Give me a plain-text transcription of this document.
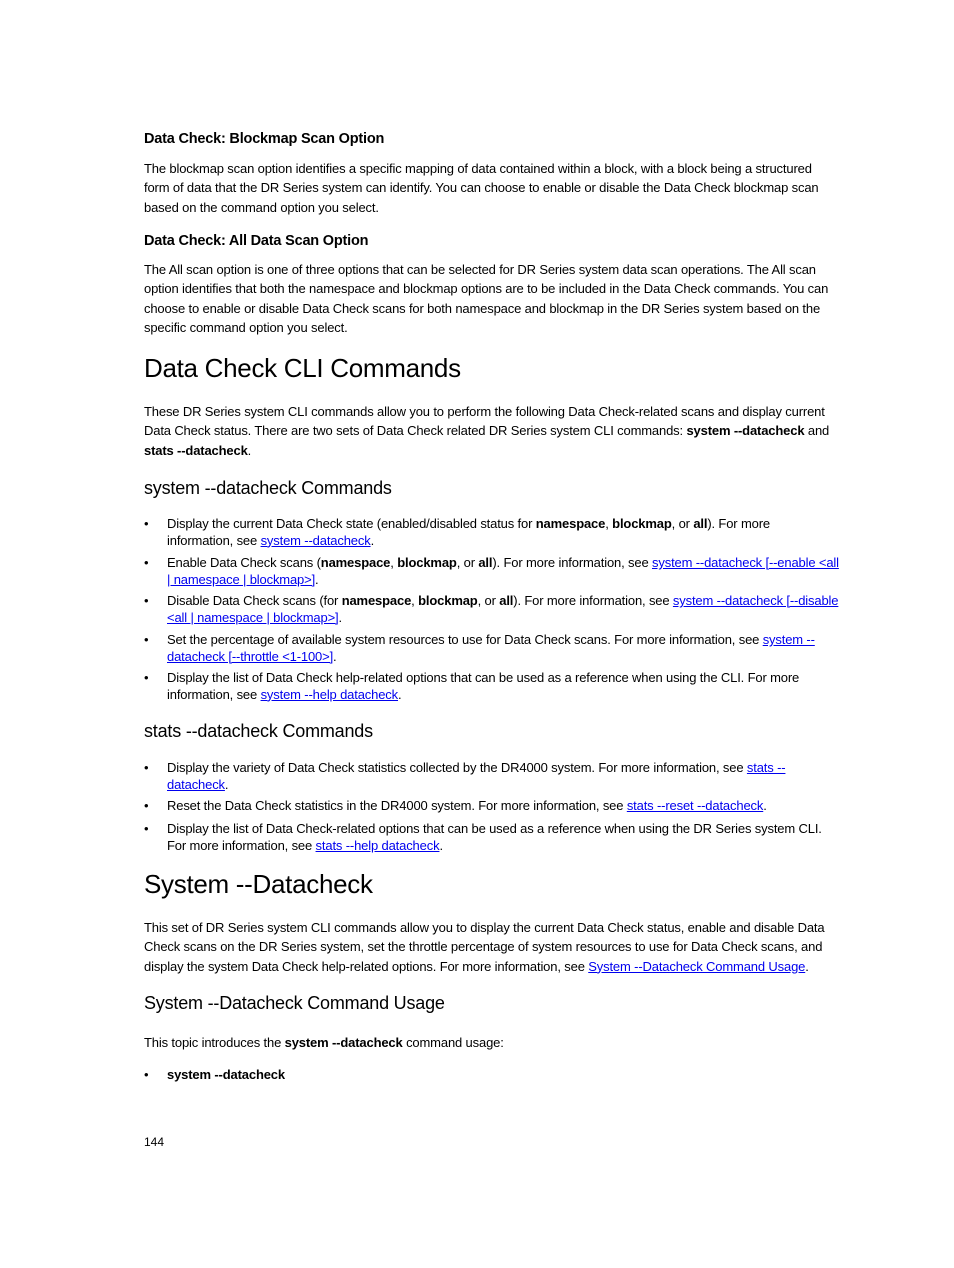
Data Check: Blockmap Scan Option
The blockmap scan option identifies a specific mapping of data contained within a block, with a block being a structured form of data that the DR Series system can identify. You can choose to enable or disable the Data Check blockmap scan based on the command option you select.
Data Check: All Data Scan Option
The All scan option is one of three options that can be selected for DR Series system data scan operations. The All scan option identifies that both the namespace and blockmap options are to be included in the Data Check commands. You can choose to enable or disable Data Check scans for both namespace and blockmap in the DR Series system based on the specific command option you select.
Data Check CLI Commands
These DR Series system CLI commands allow you to perform the following Data Check-related scans and display current Data Check status. There are two sets of Data Check related DR Series system CLI commands: system --datacheck and stats --datacheck.
system --datacheck Commands
• Display the current Data Check state (enabled/disabled status for namespace, blockmap, or all). For more information, see system --datacheck.
• Enable Data Check scans (namespace, blockmap, or all). For more information, see system --datacheck [--enable <all | namespace | blockmap>].
• Disable Data Check scans (for namespace, blockmap, or all). For more information, see system --datacheck [--disable <all | namespace | blockmap>].
• Set the percentage of available system resources to use for Data Check scans. For more information, see system --datacheck [--throttle <1-100>].
• Display the list of Data Check help-related options that can be used as a reference when using the CLI. For more information, see system --help datacheck.
stats --datacheck Commands
• Display the variety of Data Check statistics collected by the DR4000 system. For more information, see stats --datacheck.
• Reset the Data Check statistics in the DR4000 system. For more information, see stats --reset --datacheck.
• Display the list of Data Check-related options that can be used as a reference when using the DR Series system CLI. For more information, see stats --help datacheck.
System --Datacheck
This set of DR Series system CLI commands allow you to display the current Data Check status, enable and disable Data Check scans on the DR Series system, set the throttle percentage of system resources to use for Data Check scans, and display the system Data Check help-related options. For more information, see System --Datacheck Command Usage.
System --Datacheck Command Usage
This topic introduces the system --datacheck command usage:
• system --datacheck
144
